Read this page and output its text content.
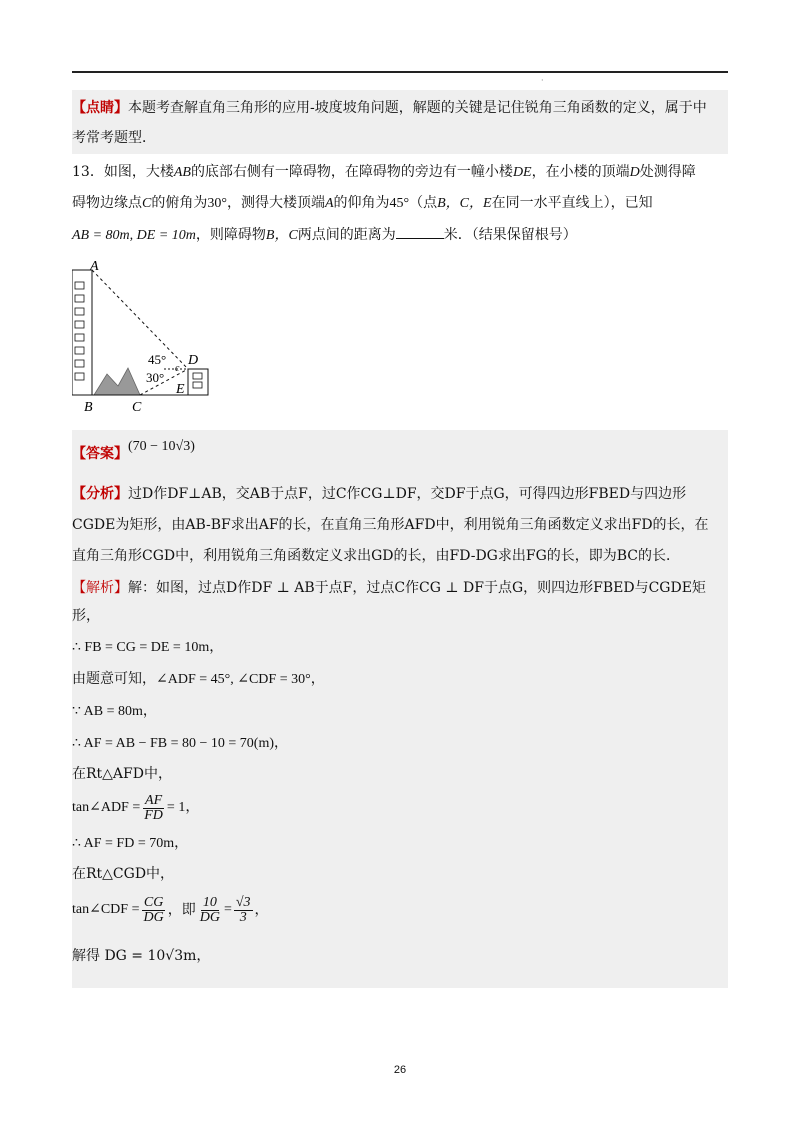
·
【点睛】本题考查解直角三角形的应用-坡度坡角问题，解题的关键是记住锐角三角函数的定义，属于中
考常考题型．
13．如图，大楼AB的底部右侧有一障碍物，在障碍物的旁边有一幢小楼DE，在小楼的顶端D处测得障
碍物边缘点C的俯角为30°，测得大楼顶端A的仰角为45°（点B，C，E在同一水平直线上），已知
AB = 80m, DE = 10m，则障碍物B，C两点间的距离为	米．（结果保留根号）
A
B	C
D
E
45°
30°
c
【答案】(70 − 10√3)
【分析】过D作DF⊥AB，交AB于点F，过C作CG⊥DF，交DF于点G，可得四边形FBED与四边形
CGDE为矩形，由AB-BF求出AF的长，在直角三角形AFD中，利用锐角三角函数定义求出FD的长，在
直角三角形CGD中，利用锐角三角函数定义求出GD的长，由FD-DG求出FG的长，即为BC的长．
【解析】解：如图，过点D作DF ⊥ AB于点F，过点C作CG ⊥ DF于点G，则四边形FBED与CGDE矩
形，
∴ FB = CG = DE = 10m，
由题意可知，∠ADF = 45°, ∠CDF = 30°，
∵ AB = 80m，
∴ AF = AB − FB = 80 − 10 = 70(m)，
在Rt△AFD中，
tan∠ADF = $\frac{AF}{FD} = 1$，
∴ AF = FD = 70m，
在Rt△CGD中，
tan∠CDF = $\frac{CG}{DG}$ ，即 $\frac{10}{DG} = \frac{√3}{3}$ ，
解得 DG = 10√3m，
26
